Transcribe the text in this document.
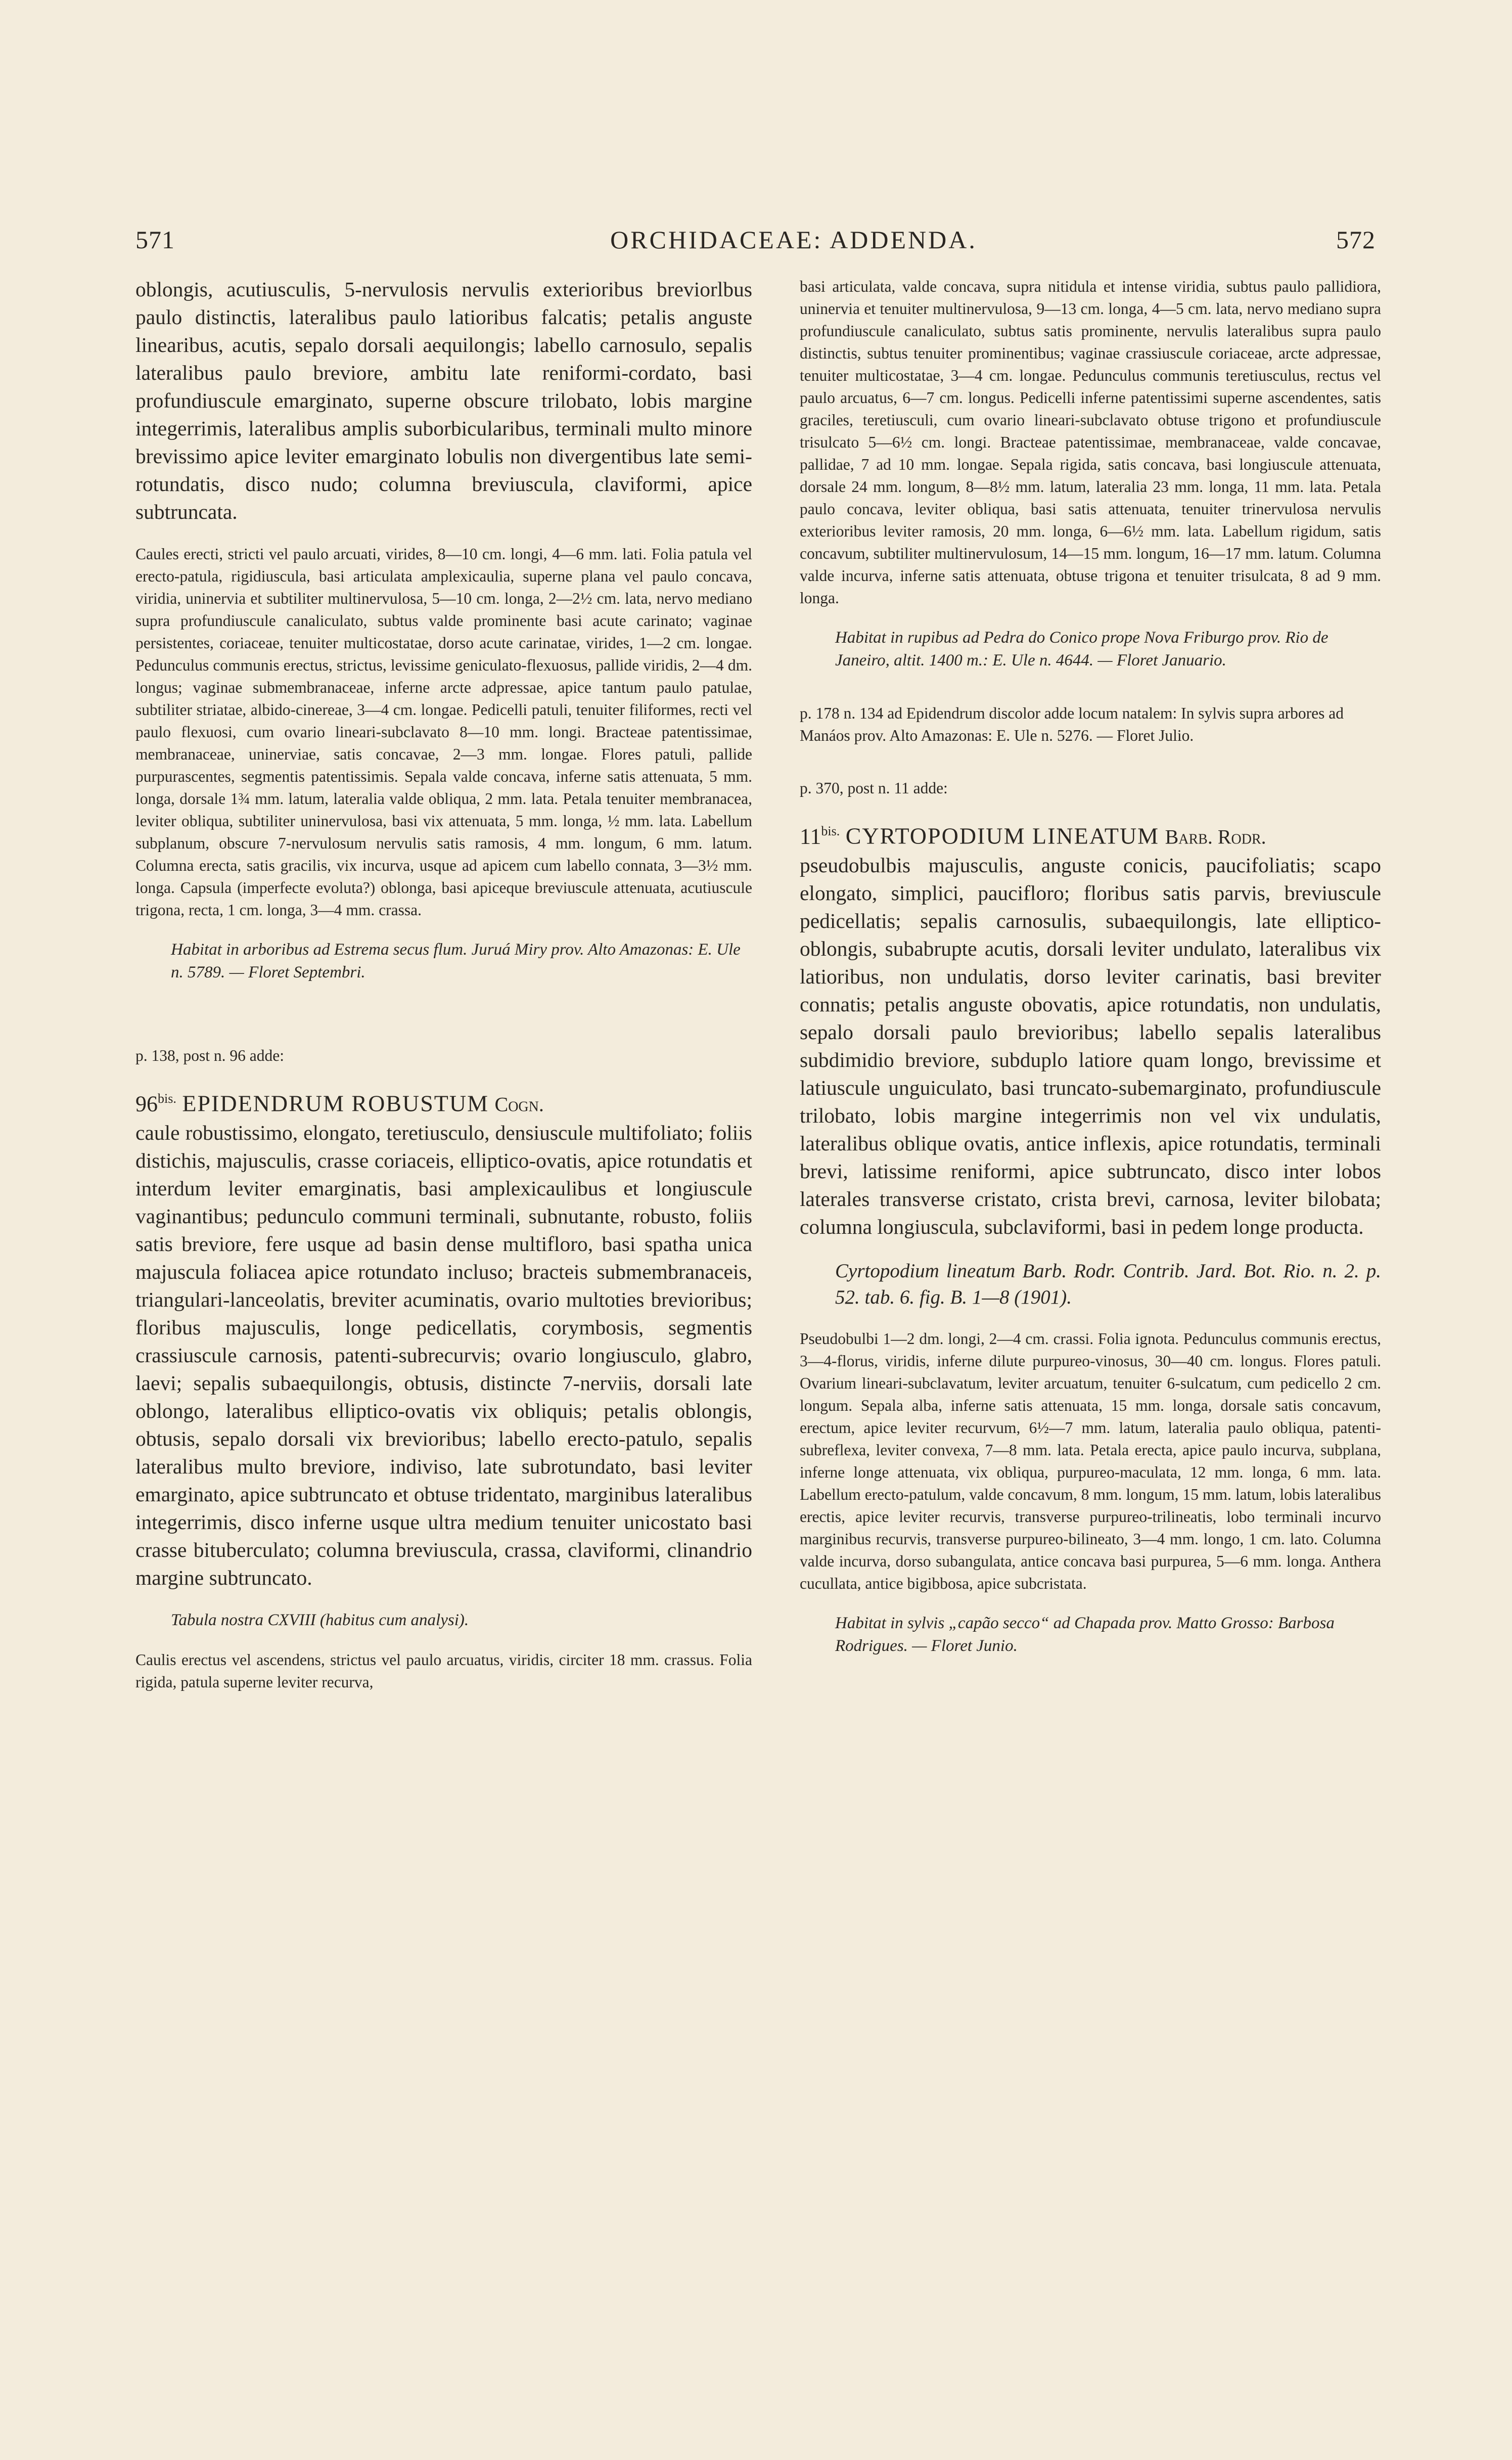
571	ORCHIDACEAE: ADDENDA.	572

oblongis, acutiusculis, 5-nervulosis nervulis exterioribus breviorlbus paulo distinctis, lateralibus paulo latioribus falcatis; petalis anguste linearibus, acutis, sepalo dorsali aequilongis; labello carnosulo, sepalis lateralibus paulo breviore, ambitu late reniformi-cordato, basi profundiuscule emarginato, superne obscure trilobato, lobis margine integerrimis, lateralibus amplis suborbicularibus, terminali multo minore brevissimo apice leviter emarginato lobulis non divergentibus late semi-rotundatis, disco nudo; columna breviuscula, claviformi, apice subtruncata.

Caules erecti, stricti vel paulo arcuati, virides, 8—10 cm. longi, 4—6 mm. lati. Folia patula vel erecto-patula, rigidiuscula, basi articulata amplexicaulia, superne plana vel paulo concava, viridia, uninervia et subtiliter multinervulosa, 5—10 cm. longa, 2—2½ cm. lata, nervo mediano supra profundiuscule canaliculato, subtus valde prominente basi acute carinato; vaginae persistentes, coriaceae, tenuiter multicostatae, dorso acute carinatae, virides, 1—2 cm. longae. Pedunculus communis erectus, strictus, levissime geniculato-flexuosus, pallide viridis, 2—4 dm. longus; vaginae submembranaceae, inferne arcte adpressae, apice tantum paulo patulae, subtiliter striatae, albido-cinereae, 3—4 cm. longae. Pedicelli patuli, tenuiter filiformes, recti vel paulo flexuosi, cum ovario lineari-subclavato 8—10 mm. longi. Bracteae patentissimae, membranaceae, uninerviae, satis concavae, 2—3 mm. longae. Flores patuli, pallide purpurascentes, segmentis patentissimis. Sepala valde concava, inferne satis attenuata, 5 mm. longa, dorsale 1¾ mm. latum, lateralia valde obliqua, 2 mm. lata. Petala tenuiter membranacea, leviter obliqua, subtiliter uninervulosa, basi vix attenuata, 5 mm. longa, ½ mm. lata. Labellum subplanum, obscure 7-nervulosum nervulis satis ramosis, 4 mm. longum, 6 mm. latum. Columna erecta, satis gracilis, vix incurva, usque ad apicem cum labello connata, 3—3½ mm. longa. Capsula (imperfecte evoluta?) oblonga, basi apiceque breviuscule attenuata, acutiuscule trigona, recta, 1 cm. longa, 3—4 mm. crassa.

Habitat in arboribus ad Estrema secus flum. Juruá Miry prov. Alto Amazonas: E. Ule n. 5789. — Floret Septembri.

p. 138, post n. 96 adde:

$96^{bis.}$ EPIDENDRUM ROBUSTUM Cogn.

caule robustissimo, elongato, teretiusculo, densiuscule multifoliato; foliis distichis, majusculis, crasse coriaceis, elliptico-ovatis, apice rotundatis et interdum leviter emarginatis, basi amplexicaulibus et longiuscule vaginantibus; pedunculo communi terminali, subnutante, robusto, foliis satis breviore, fere usque ad basin dense multifloro, basi spatha unica majuscula foliacea apice rotundato incluso; bracteis submembranaceis, triangulari-lanceolatis, breviter acuminatis, ovario multoties brevioribus; floribus majusculis, longe pedicellatis, corymbosis, segmentis crassiuscule carnosis, patenti-subrecurvis; ovario longiusculo, glabro, laevi; sepalis subaequilongis, obtusis, distincte 7-nerviis, dorsali late oblongo, lateralibus elliptico-ovatis vix obliquis; petalis oblongis, obtusis, sepalo dorsali vix brevioribus; labello erecto-patulo, sepalis lateralibus multo breviore, indiviso, late subrotundato, basi leviter emarginato, apice subtruncato et obtuse tridentato, marginibus lateralibus integerrimis, disco inferne usque ultra medium tenuiter unicostato basi crasse bituberculato; columna breviuscula, crassa, claviformi, clinandrio margine subtruncato.

Tabula nostra CXVIII (habitus cum analysi).

Caulis erectus vel ascendens, strictus vel paulo arcuatus, viridis, circiter 18 mm. crassus. Folia rigida, patula superne leviter recurva,

basi articulata, valde concava, supra nitidula et intense viridia, subtus paulo pallidiora, uninervia et tenuiter multinervulosa, 9—13 cm. longa, 4—5 cm. lata, nervo mediano supra profundiuscule canaliculato, subtus satis prominente, nervulis lateralibus supra paulo distinctis, subtus tenuiter prominentibus; vaginae crassiuscule coriaceae, arcte adpressae, tenuiter multicostatae, 3—4 cm. longae. Pedunculus communis teretiusculus, rectus vel paulo arcuatus, 6—7 cm. longus. Pedicelli inferne patentissimi superne ascendentes, satis graciles, teretiusculi, cum ovario lineari-subclavato obtuse trigono et profundiuscule trisulcato 5—6½ cm. longi. Bracteae patentissimae, membranaceae, valde concavae, pallidae, 7 ad 10 mm. longae. Sepala rigida, satis concava, basi longiuscule attenuata, dorsale 24 mm. longum, 8—8½ mm. latum, lateralia 23 mm. longa, 11 mm. lata. Petala paulo concava, leviter obliqua, basi satis attenuata, tenuiter trinervulosa nervulis exterioribus leviter ramosis, 20 mm. longa, 6—6½ mm. lata. Labellum rigidum, satis concavum, subtiliter multinervulosum, 14—15 mm. longum, 16—17 mm. latum. Columna valde incurva, inferne satis attenuata, obtuse trigona et tenuiter trisulcata, 8 ad 9 mm. longa.

Habitat in rupibus ad Pedra do Conico prope Nova Friburgo prov. Rio de Janeiro, altit. 1400 m.: E. Ule n. 4644. — Floret Januario.

p. 178 n. 134 ad Epidendrum discolor adde locum natalem: In sylvis supra arbores ad Manáos prov. Alto Amazonas: E. Ule n. 5276. — Floret Julio.

p. 370, post n. 11 adde:

$11^{bis.}$ CYRTOPODIUM LINEATUM Barb. Rodr.

pseudobulbis majusculis, anguste conicis, paucifoliatis; scapo elongato, simplici, paucifloro; floribus satis parvis, breviuscule pedicellatis; sepalis carnosulis, subaequilongis, late elliptico-oblongis, subabrupte acutis, dorsali leviter undulato, lateralibus vix latioribus, non undulatis, dorso leviter carinatis, basi breviter connatis; petalis anguste obovatis, apice rotundatis, non undulatis, sepalo dorsali paulo brevioribus; labello sepalis lateralibus subdimidio breviore, subduplo latiore quam longo, brevissime et latiuscule unguiculato, basi truncato-subemarginato, profundiuscule trilobato, lobis margine integerrimis non vel vix undulatis, lateralibus oblique ovatis, antice inflexis, apice rotundatis, terminali brevi, latissime reniformi, apice subtruncato, disco inter lobos laterales transverse cristato, crista brevi, carnosa, leviter bilobata; columna longiuscula, subclaviformi, basi in pedem longe producta.

Cyrtopodium lineatum Barb. Rodr. Contrib. Jard. Bot. Rio. n. 2. p. 52. tab. 6. fig. B. 1—8 (1901).

Pseudobulbi 1—2 dm. longi, 2—4 cm. crassi. Folia ignota. Pedunculus communis erectus, 3—4-florus, viridis, inferne dilute purpureo-vinosus, 30—40 cm. longus. Flores patuli. Ovarium lineari-subclavatum, leviter arcuatum, tenuiter 6-sulcatum, cum pedicello 2 cm. longum. Sepala alba, inferne satis attenuata, 15 mm. longa, dorsale satis concavum, erectum, apice leviter recurvum, 6½—7 mm. latum, lateralia paulo obliqua, patenti-subreflexa, leviter convexa, 7—8 mm. lata. Petala erecta, apice paulo incurva, subplana, inferne longe attenuata, vix obliqua, purpureo-maculata, 12 mm. longa, 6 mm. lata. Labellum erecto-patulum, valde concavum, 8 mm. longum, 15 mm. latum, lobis lateralibus erectis, apice leviter recurvis, transverse purpureo-trilineatis, lobo terminali incurvo marginibus recurvis, transverse purpureo-bilineato, 3—4 mm. longo, 1 cm. lato. Columna valde incurva, dorso subangulata, antice concava basi purpurea, 5—6 mm. longa. Anthera cucullata, antice bigibbosa, apice subcristata.

Habitat in sylvis „capão secco“ ad Chapada prov. Matto Grosso: Barbosa Rodrigues. — Floret Junio.
